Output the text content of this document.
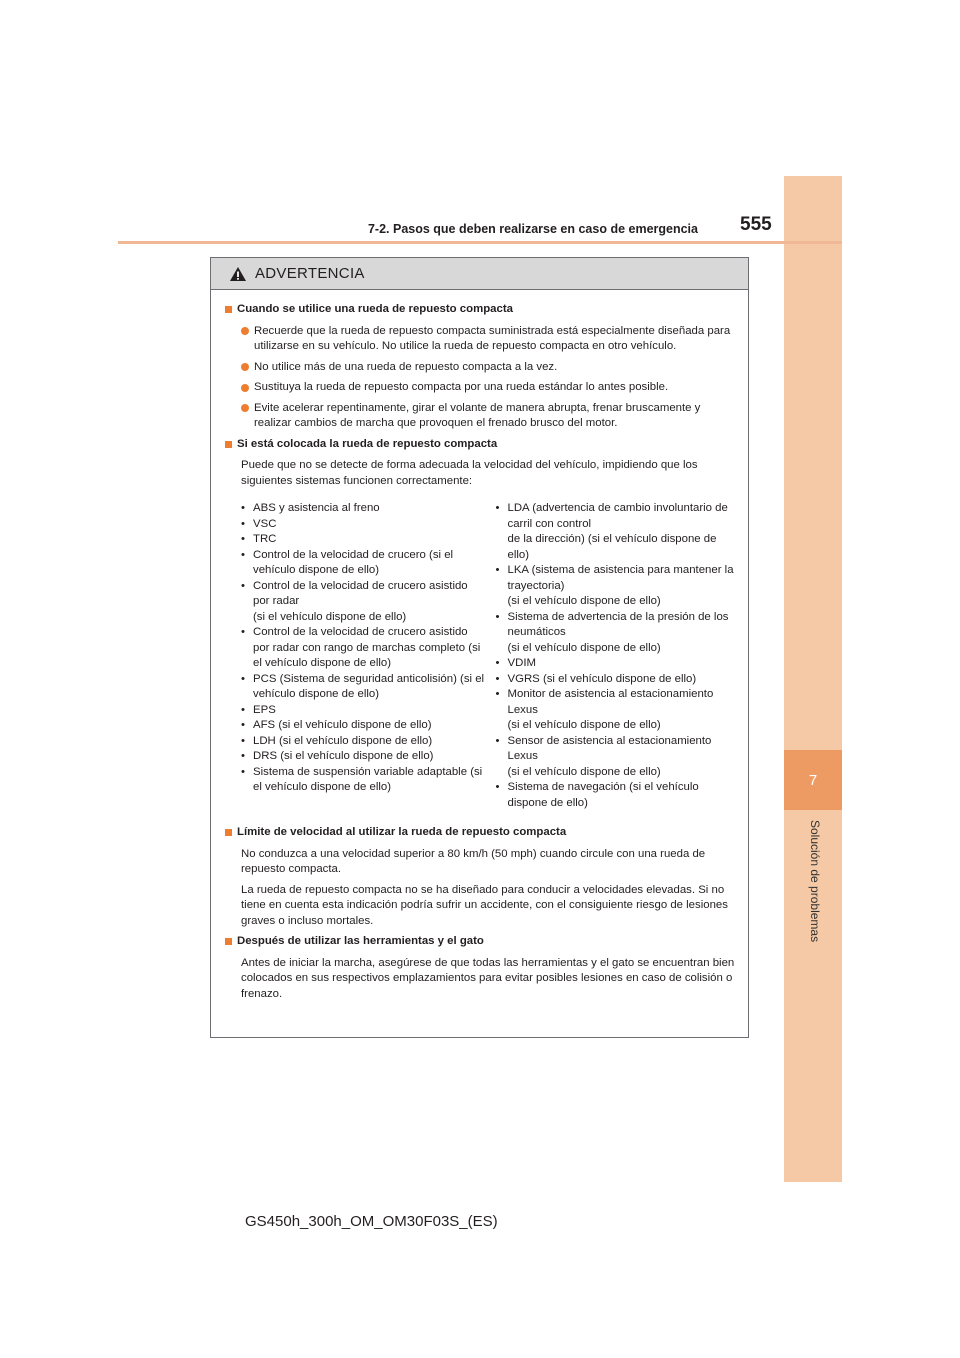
7
Solución de problemas
7-2. Pasos que deben realizarse en caso de emergencia 555
ADVERTENCIA
Cuando se utilice una rueda de repuesto compacta
Recuerde que la rueda de repuesto compacta suministrada está especialmente diseñada para utilizarse en su vehículo. No utilice la rueda de repuesto compacta en otro vehículo.
No utilice más de una rueda de repuesto compacta a la vez.
Sustituya la rueda de repuesto compacta por una rueda estándar lo antes posible.
Evite acelerar repentinamente, girar el volante de manera abrupta, frenar bruscamente y realizar cambios de marcha que provoquen el frenado brusco del motor.
Si está colocada la rueda de repuesto compacta
Puede que no se detecte de forma adecuada la velocidad del vehículo, impidiendo que los siguientes sistemas funcionen correctamente:
• ABS y asistencia al freno
• VSC
• TRC
• Control de la velocidad de crucero (si el vehículo dispone de ello)
• Control de la velocidad de crucero asistido por radar
(si el vehículo dispone de ello)
• Control de la velocidad de crucero asistido por radar con rango de marchas completo (si el vehículo dispone de ello)
• PCS (Sistema de seguridad anticolisión) (si el vehículo dispone de ello)
• EPS
• AFS (si el vehículo dispone de ello)
• LDH (si el vehículo dispone de ello)
• DRS (si el vehículo dispone de ello)
• Sistema de suspensión variable adaptable (si el vehículo dispone de ello)
• LDA (advertencia de cambio involuntario de carril con control
de la dirección) (si el vehículo dispone de ello)
• LKA (sistema de asistencia para mantener la trayectoria)
(si el vehículo dispone de ello)
• Sistema de advertencia de la presión de los neumáticos
(si el vehículo dispone de ello)
• VDIM
• VGRS (si el vehículo dispone de ello)
• Monitor de asistencia al estacionamiento Lexus
(si el vehículo dispone de ello)
• Sensor de asistencia al estacionamiento Lexus
(si el vehículo dispone de ello)
• Sistema de navegación (si el vehículo dispone de ello)
Límite de velocidad al utilizar la rueda de repuesto compacta
No conduzca a una velocidad superior a 80 km/h (50 mph) cuando circule con una rueda de repuesto compacta.
La rueda de repuesto compacta no se ha diseñado para conducir a velocidades elevadas. Si no tiene en cuenta esta indicación podría sufrir un accidente, con el consiguiente riesgo de lesiones graves o incluso mortales.
Después de utilizar las herramientas y el gato
Antes de iniciar la marcha, asegúrese de que todas las herramientas y el gato se encuentran bien colocados en sus respectivos emplazamientos para evitar posibles lesiones en caso de colisión o frenazo.
GS450h_300h_OM_OM30F03S_(ES)
